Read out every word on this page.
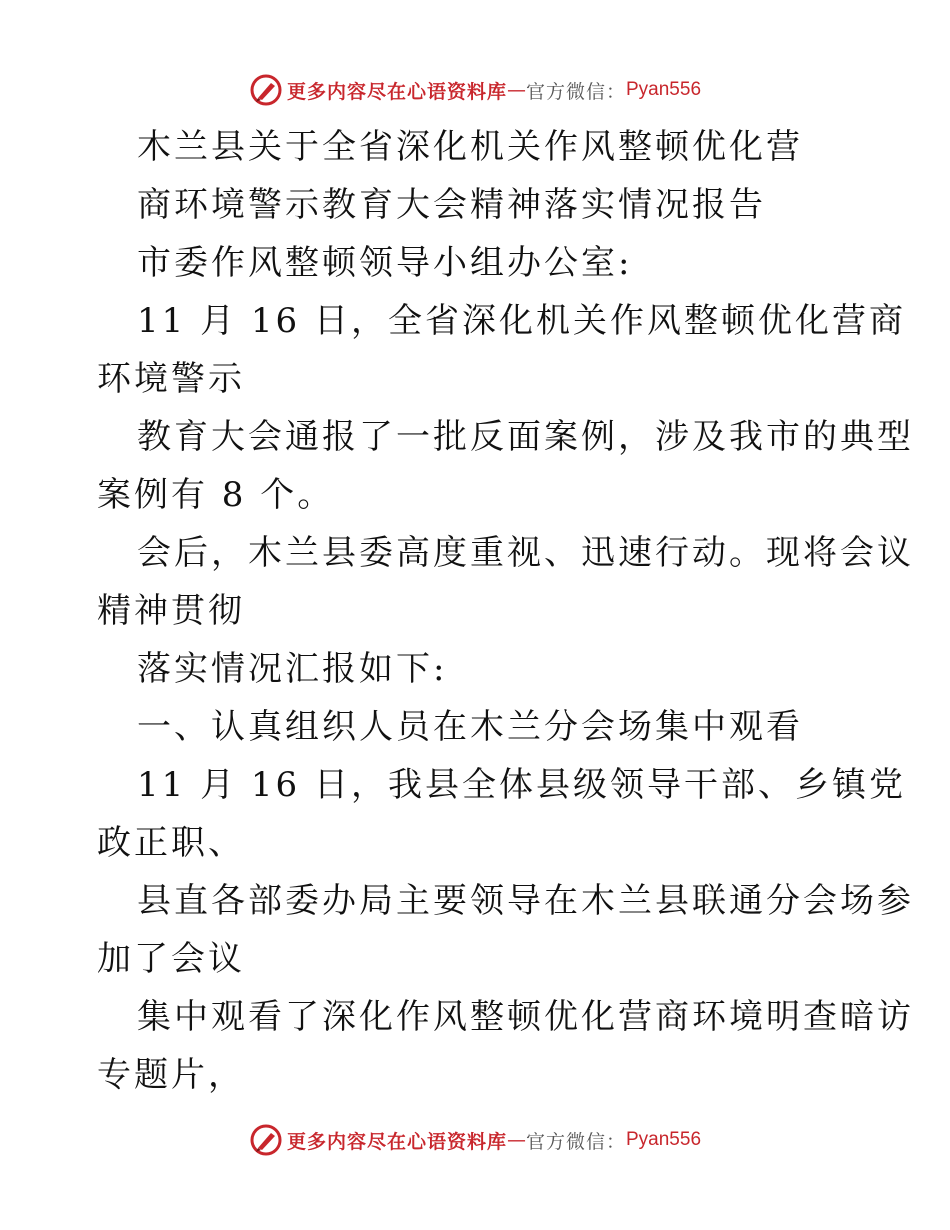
更多内容尽在心语资料库 — 官方微信： Pyan556
木兰县关于全省深化机关作风整顿优化营
商环境警示教育大会精神落实情况报告
市委作风整顿领导小组办公室:
11 月 16 日，全省深化机关作风整顿优化营商
环境警示
教育大会通报了一批反面案例，涉及我市的典型
案例有 8 个。
会后，木兰县委高度重视、迅速行动。现将会议
精神贯彻
落实情况汇报如下:
一、认真组织人员在木兰分会场集中观看
11 月 16 日，我县全体县级领导干部、乡镇党
政正职、
县直各部委办局主要领导在木兰县联通分会场参
加了会议
集中观看了深化作风整顿优化营商环境明查暗访
专题片，
更多内容尽在心语资料库 — 官方微信： Pyan556
